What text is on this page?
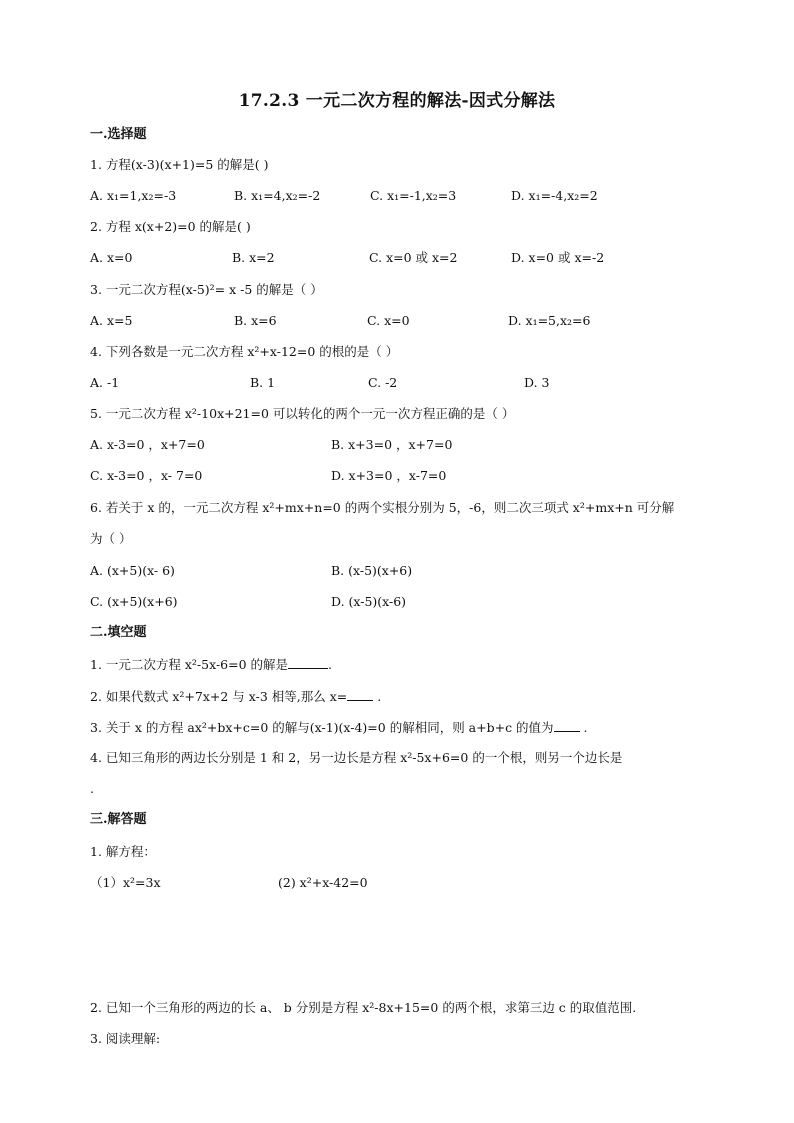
17.2.3 一元二次方程的解法-因式分解法
一.选择题
1. 方程(x-3)(x+1)=5 的解是( )
A. x₁=1,x₂=-3	B. x₁=4,x₂=-2	C. x₁=-1,x₂=3	D. x₁=-4,x₂=2
2. 方程 x(x+2)=0 的解是( )
A. x=0	B. x=2	C. x=0 或 x=2	D. x=0 或 x=-2
3. 一元二次方程(x-5)²= x -5 的解是（ ）
A. x=5	B. x=6	C. x=0	D. x₁=5,x₂=6
4. 下列各数是一元二次方程 x²+x-12=0 的根的是（ ）
A. -1	B. 1	C. -2	D. 3
5. 一元二次方程 x²-10x+21=0 可以转化的两个一元一次方程正确的是（ ）
A. x-3=0 ，x+7=0	B. x+3=0 ，x+7=0
C. x-3=0 ，x- 7=0	D. x+3=0 ，x-7=0
6. 若关于 x 的，一元二次方程 x²+mx+n=0 的两个实根分别为 5，-6，则二次三项式 x²+mx+n 可分解
为（ ）
A. (x+5)(x- 6)	B. (x-5)(x+6)
C. (x+5)(x+6)	D. (x-5)(x-6)
二.填空题
1. 一元二次方程 x²-5x-6=0 的解是	.
2. 如果代数式 x²+7x+2 与 x-3 相等,那么 x= .
3. 关于 x 的方程 ax²+bx+c=0 的解与(x-1)(x-4)=0 的解相同，则 a+b+c 的值为 .
4. 已知三角形的两边长分别是 1 和 2，另一边长是方程 x²-5x+6=0 的一个根，则另一个边长是
.
三.解答题
1. 解方程：
（1）x²=3x	(2) x²+x-42=0
2. 已知一个三角形的两边的长 a、 b 分别是方程 x²-8x+15=0 的两个根，求第三边 c 的取值范围.
3. 阅读理解:
